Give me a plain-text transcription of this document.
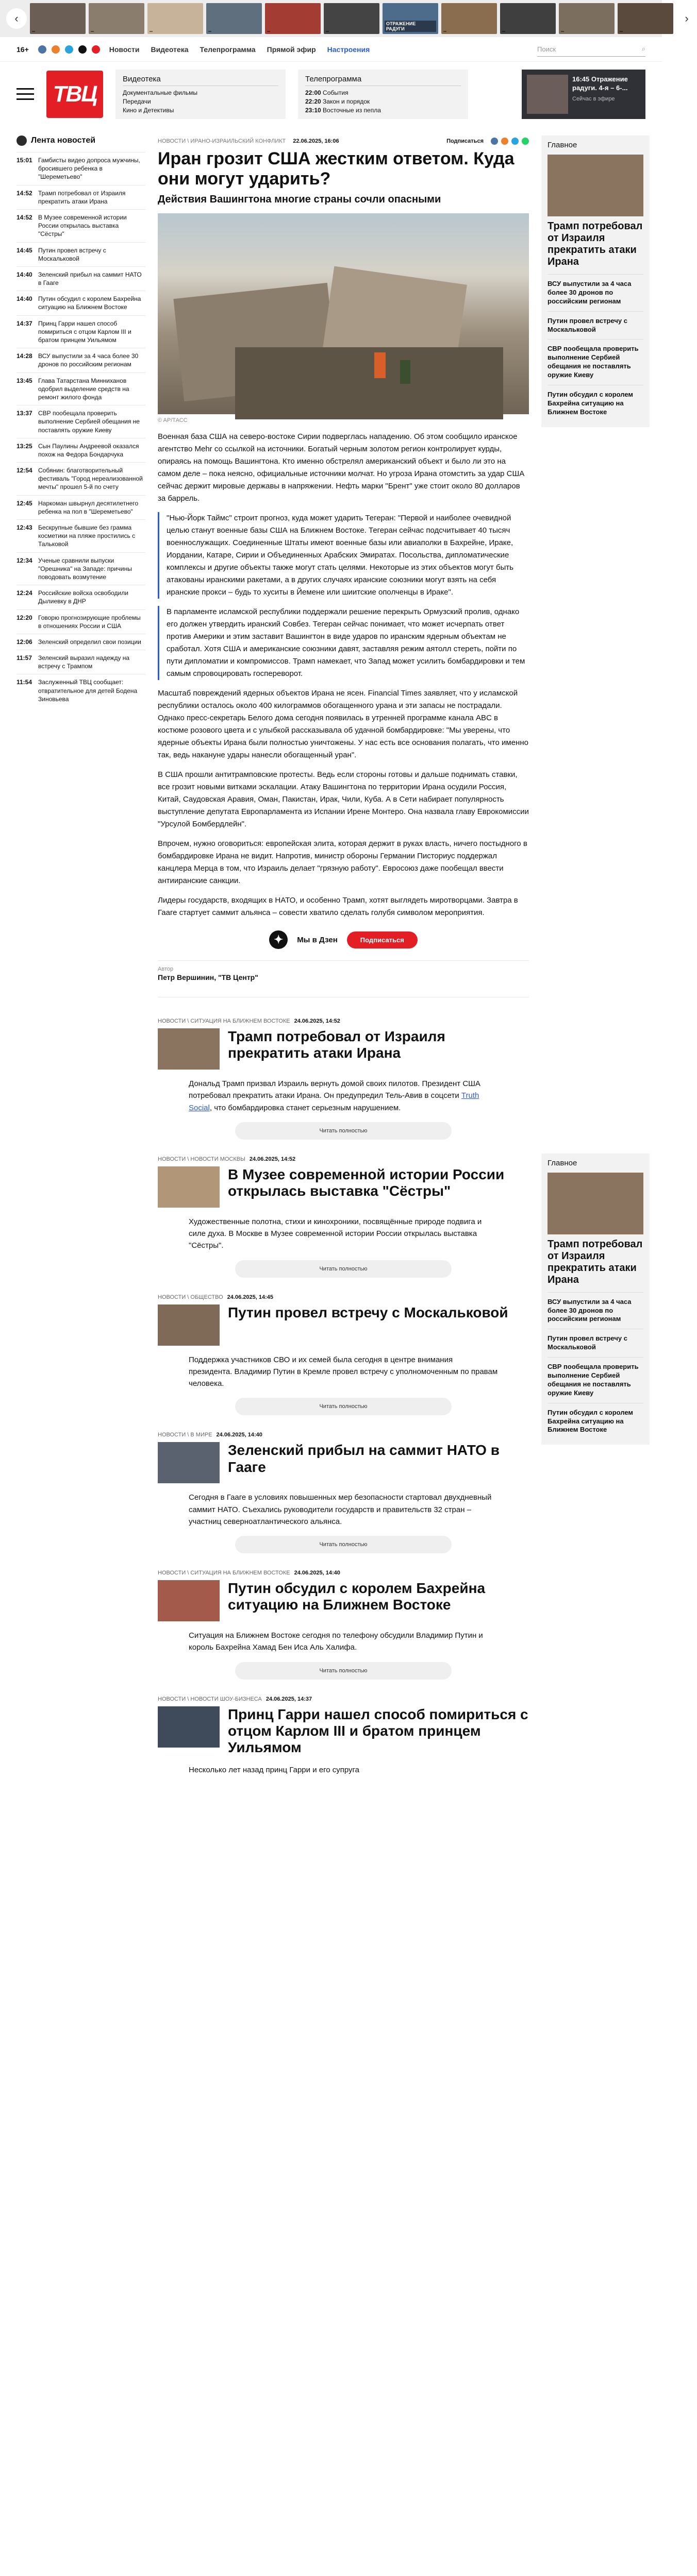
‹	ОТРАЖЕНИЕ РАДУГИ
›
16+	Новости Видеотека Телепрограмма Прямой эфир Настроения	Поиск	⌕
ТВЦ
Видеотека
Документальные фильмы
Передачи
Кино и Детективы
Телепрограмма
22:00 События
22:20 Закон и порядок
23:10 Восточные из пепла
16:45 Отражение радуги. 4-я – 6-...
Сейчас в эфире
Лента новостей
15:01 Гамбисты видео допроса мужчины, бросившего ребенка в "Шереметьево"
14:52 Трамп потребовал от Израиля прекратить атаки Ирана
14:52 В Музее современной истории России открылась выставка "Сёстры"
14:45 Путин провел встречу с Москальковой
14:40 Зеленский прибыл на саммит НАТО в Гааге
14:40 Путин обсудил с королем Бахрейна ситуацию на Ближнем Востоке
14:37 Принц Гарри нашел способ помириться с отцом Карлом III и братом принцем Уильямом
14:28 ВСУ выпустили за 4 часа более 30 дронов по российским регионам
13:45 Глава Татарстана Минниханов одобрил выделение средств на ремонт жилого фонда
13:37 СВР пообещала проверить выполнение Сербией обещания не поставлять оружие Киеву
13:25 Сын Паулины Андреевой оказался похож на Федора Бондарчука
12:54 Собянин: благотворительный фестиваль "Город нереализованной мечты" прошел 5-й по счету
12:45 Наркоман швырнул десятилетнего ребенка на пол в "Шереметьево"
12:43 Бескрупные бывшие без грамма косметики на пляже простились с Тальковой
12:34 Ученые сравнили выпуски "Орешника" на Западе: причины поводовать возмутение
12:24 Российские войска освободили Дылиевку в ДНР
12:20 Говорю прогнозирующие проблемы в отношениях России и США
12:06 Зеленский определил свои позиции
11:57 Зеленский выразил надежду на встречу с Трампом
11:54 Заслуженный ТВЦ сообщает: отвратительное для детей Бодена Зиновьева
НОВОСТИ \ ИРАНО-ИЗРАИЛЬСКИЙ КОНФЛИКТ 22.06.2025, 16:06	Подписаться
Иран грозит США жестким ответом. Куда они могут ударить?
Действия Вашингтона многие страны сочли опасными
© AP/ТАСС

Военная база США на северо-востоке Сирии подверглась нападению. Об этом сообщило иранское агентство Mehr со ссылкой на источники. Богатый черным золотом регион контролирует курды, опираясь на помощь Вашингтона. Кто именно обстрелял американский объект и было ли это на самом деле – пока неясно, официальные источники молчат. Но угроза Ирана отомстить за удар США сейчас держит мировые державы в напряжении. Нефть марки "Брент" уже стоит около 80 долларов за баррель.

"Нью-Йорк Таймс" строит прогноз, куда может ударить Тегеран: "Первой и наиболее очевидной целью станут военные базы США на Ближнем Востоке. Тегеран сейчас подсчитывает 40 тысяч военнослужащих. Соединенные Штаты имеют военные базы или авиаполки в Бахрейне, Ираке, Иордании, Катаре, Сирии и Объединенных Арабских Эмиратах. Посольства, дипломатические комплексы и другие объекты также могут стать целями. Некоторые из этих объектов могут быть атакованы иранскими ракетами, а в других случаях иранские союзники могут взять на себя иранские прокси – будь то хуситы в Йемене или шиитские ополченцы в Ираке".

В парламенте исламской республики поддержали решение перекрыть Ормузский пролив, однако его должен утвердить иранский Совбез. Тегеран сейчас понимает, что может исчерпать ответ против Америки и этим заставит Вашингтон в виде ударов по иранским ядерным объектам не сработал. Хотя США и американские союзники давят, заставляя режим аятолл стереть, пойти по пути дипломатии и компромиссов. Трамп намекает, что Запад может усилить бомбардировки и тем самым спровоцировать госпереворот.

Масштаб повреждений ядерных объектов Ирана не ясен. Financial Times заявляет, что у исламской республики осталось около 400 килограммов обогащенного урана и эти запасы не пострадали. Однако пресс-секретарь Белого дома сегодня появилась в утренней программе канала ABC в костюме розового цвета и с улыбкой рассказывала об удачной бомбардировке: "Мы уверены, что ядерные объекты Ирана были полностью уничтожены. У нас есть все основания полагать, что именно так, ведь накануне удары нанесли обогащенный уран".

В США прошли антитрамповские протесты. Ведь если стороны готовы и дальше поднимать ставки, все грозит новыми витками эскалации. Атаку Вашингтона по территории Ирана осудили Россия, Китай, Саудовская Аравия, Оман, Пакистан, Ирак, Чили, Куба. А в Сети набирает популярность выступление депутата Европарламента из Испании Ирене Монтеро. Она назвала главу Еврокомиссии "Урсулой Бомбердлейн".

Впрочем, нужно оговориться: европейская элита, которая держит в руках власть, ничего постыдного в бомбардировке Ирана не видит. Напротив, министр обороны Германии Писториус поддержал канцлера Мерца в том, что Израиль делает "грязную работу". Евросоюз даже пообещал ввести антииранские санкции.

Лидеры государств, входящих в НАТО, и особенно Трамп, хотят выглядеть миротворцами. Завтра в Гааге стартует саммит альянса – совести хватило сделать голубя символом мероприятия.

✦	Мы в Дзен	Подписаться
Автор
Петр Вершинин, "ТВ Центр"
НОВОСТИ \ СИТУАЦИЯ НА БЛИЖНЕМ ВОСТОКЕ 24.06.2025, 14:52
Трамп потребовал от Израиля прекратить атаки Ирана
Дональд Трамп призвал Израиль вернуть домой своих пилотов. Президент США потребовал прекратить атаки Ирана. Он предупредил Тель-Авив в соцсети Truth Social, что бомбардировка станет серьезным нарушением.
Читать полностью
НОВОСТИ \ НОВОСТИ МОСКВЫ 24.06.2025, 14:52
В Музее современной истории России открылась выставка "Сёстры"
Художественные полотна, стихи и кинохроники, посвящённые природе подвига и силе духа. В Москве в Музее современной истории России открылась выставка "Сёстры".
Читать полностью
НОВОСТИ \ ОБЩЕСТВО 24.06.2025, 14:45
Путин провел встречу с Москальковой
Поддержка участников СВО и их семей была сегодня в центре внимания президента. Владимир Путин в Кремле провел встречу с уполномоченным по правам человека.
Читать полностью
НОВОСТИ \ В МИРЕ 24.06.2025, 14:40
Зеленский прибыл на саммит НАТО в Гааге
Сегодня в Гааге в условиях повышенных мер безопасности стартовал двухдневный саммит НАТО. Съехались руководители государств и правительств 32 стран – участниц северноатлантического альянса.
Читать полностью
НОВОСТИ \ СИТУАЦИЯ НА БЛИЖНЕМ ВОСТОКЕ 24.06.2025, 14:40
Путин обсудил с королем Бахрейна ситуацию на Ближнем Востоке
Ситуация на Ближнем Востоке сегодня по телефону обсудили Владимир Путин и король Бахрейна Хамад Бен Иса Аль Халифа.
Читать полностью
НОВОСТИ \ НОВОСТИ ШОУ-БИЗНЕСА 24.06.2025, 14:37
Принц Гарри нашел способ помириться с отцом Карлом III и братом принцем Уильямом
Несколько лет назад принц Гарри и его супруга
Главное
Трамп потребовал от Израиля прекратить атаки Ирана
ВСУ выпустили за 4 часа более 30 дронов по российским регионам
Путин провел встречу с Москальковой
СВР пообещала проверить выполнение Сербией обещания не поставлять оружие Киеву
Путин обсудил с королем Бахрейна ситуацию на Ближнем Востоке
Главное
Трамп потребовал от Израиля прекратить атаки Ирана
ВСУ выпустили за 4 часа более 30 дронов по российским регионам
Путин провел встречу с Москальковой
СВР пообещала проверить выполнение Сербией обещания не поставлять оружие Киеву
Путин обсудил с королем Бахрейна ситуацию на Ближнем Востоке
